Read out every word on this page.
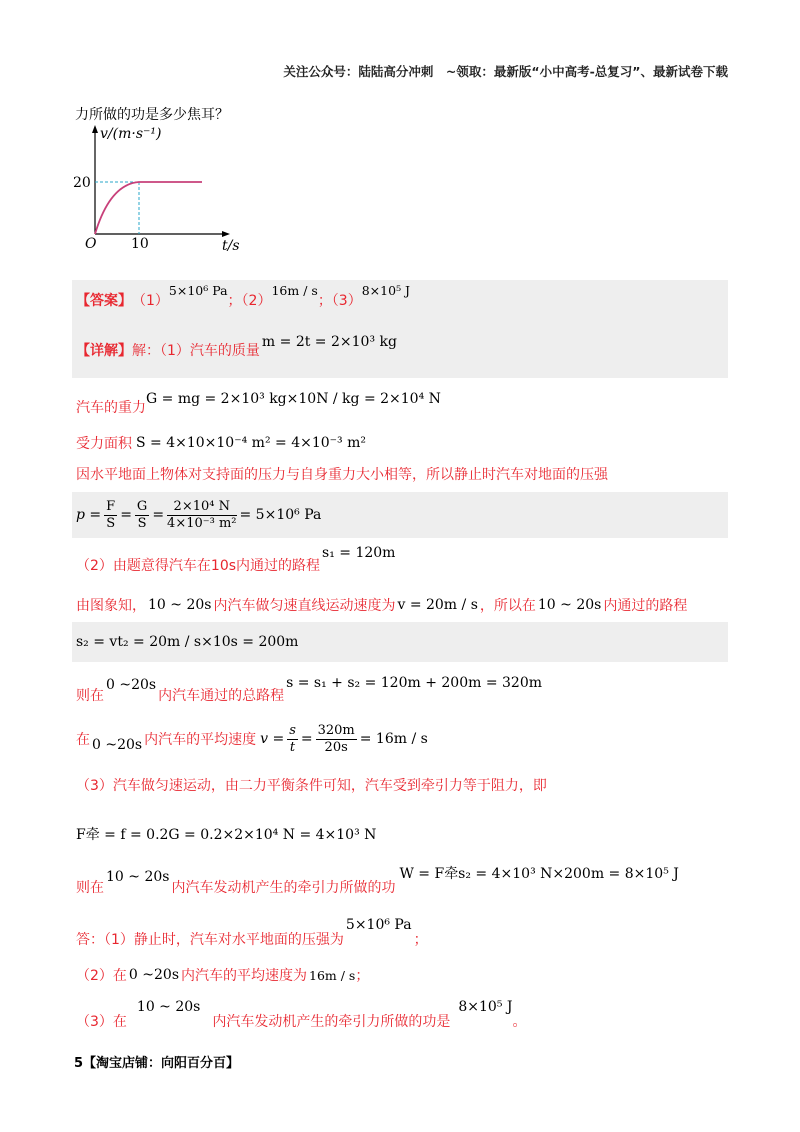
关注公众号：陆陆高分冲刺　~领取：最新版“小中高考-总复习”、最新试卷下载
力所做的功是多少焦耳？
v/(m·s⁻¹)
20
O 10	t/s
【答案】 （1）
5×10⁶ Pa
；（2）
16m / s
；（3）
8×10⁵ J
【详解】 解：（1）汽车的质量
m = 2t = 2×10³ kg
汽车的重力
G = mg = 2×10³ kg×10N / kg = 2×10⁴ N
受力面积 S = 4×10×10⁻⁴ m² = 4×10⁻³ m²
因水平地面上物体对支持面的压力与自身重力大小相等，所以静止时汽车对地面的压强
$p = \frac{F}{S} = \frac{G}{S} = \frac{\text{2×10⁴ N}}{\text{4×10⁻³ m²}} = 5\times 10^6$ Pa
（2）由题意得汽车在10s内通过的路程
s₁ = 120m
由图象知， 10 ~ 20s 内汽车做匀速直线运动速度为 v = 20m / s ，所以在 10 ~ 20s 内通过的路程
s₂ = vt₂ = 20m / s×10s = 200m
则在
0 ~20s
内汽车通过的总路程
s = s₁ + s₂ = 120m + 200m = 320m
在 0 ~20s 内汽车的平均速度 $v = \frac{s}{t} = \frac{320m}{20s} = 16m / s$
（3）汽车做匀速运动，由二力平衡条件可知，汽车受到牵引力等于阻力，即
F牵 = f = 0.2G = 0.2×2×10⁴ N = 4×10³ N
则在
10 ~ 20s
内汽车发动机产生的牵引力所做的功
W = F牵s₂ = 4×10³ N×200m = 8×10⁵ J
答：（1）静止时，汽车对水平地面的压强为
5×10⁶ Pa
；
（2）在 0 ~20s 内汽车的平均速度为 16m / s ；
（3）在
10 ~ 20s
内汽车发动机产生的牵引力所做的功是
8×10⁵ J
。
5【淘宝店铺：向阳百分百】
